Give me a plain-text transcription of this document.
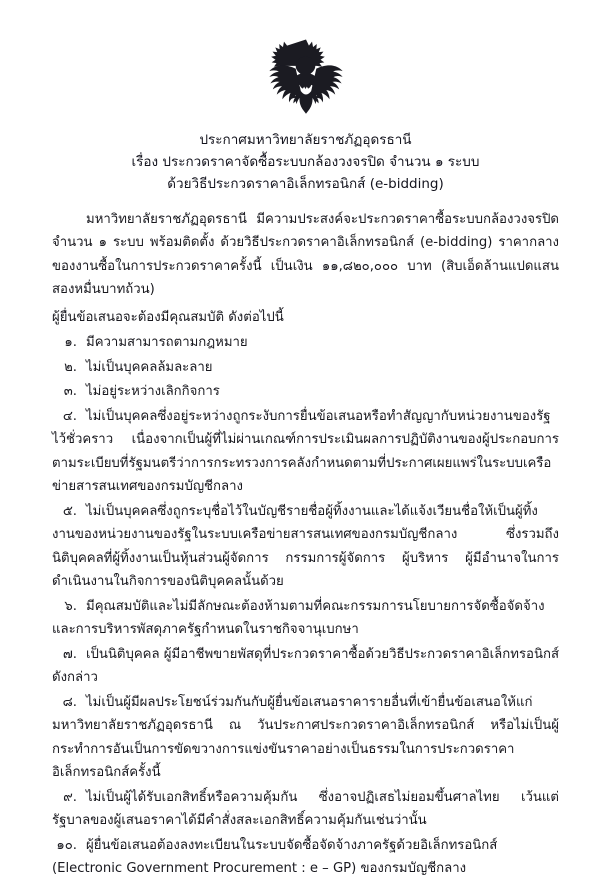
ประกาศมหาวิทยาลัยราชภัฏอุดรธานี
เรื่อง ประกวดราคาจัดซื้อระบบกล้องวงจรปิด จำนวน ๑ ระบบ
ด้วยวิธีประกวดราคาอิเล็กทรอนิกส์ (e-bidding)

มหาวิทยาลัยราชภัฏอุดรธานี มีความประสงค์จะประกวดราคาซื้อระบบกล้องวงจรปิด จำนวน ๑ ระบบ พร้อมติดตั้ง ด้วยวิธีประกวดราคาอิเล็กทรอนิกส์ (e-bidding) ราคากลางของงานซื้อในการประกวดราคาครั้งนี้ เป็นเงิน ๑๑,๘๒๐,๐๐๐ บาท (สิบเอ็ดล้านแปดแสนสองหมื่นบาทถ้วน)

ผู้ยื่นข้อเสนอจะต้องมีคุณสมบัติ ดังต่อไปนี้

๑. มีความสามารถตามกฎหมาย
๒. ไม่เป็นบุคคลล้มละลาย
๓. ไม่อยู่ระหว่างเลิกกิจการ
๔. ไม่เป็นบุคคลซึ่งอยู่ระหว่างถูกระงับการยื่นข้อเสนอหรือทำสัญญากับหน่วยงานของรัฐไว้ชั่วคราว เนื่องจากเป็นผู้ที่ไม่ผ่านเกณฑ์การประเมินผลการปฏิบัติงานของผู้ประกอบการตามระเบียบที่รัฐมนตรีว่าการกระทรวงการคลังกำหนดตามที่ประกาศเผยแพร่ในระบบเครือข่ายสารสนเทศของกรมบัญชีกลาง
๕. ไม่เป็นบุคคลซึ่งถูกระบุชื่อไว้ในบัญชีรายชื่อผู้ทิ้งงานและได้แจ้งเวียนชื่อให้เป็นผู้ทิ้งงานของหน่วยงานของรัฐในระบบเครือข่ายสารสนเทศของกรมบัญชีกลาง ซึ่งรวมถึงนิติบุคคลที่ผู้ทิ้งงานเป็นหุ้นส่วนผู้จัดการ กรรมการผู้จัดการ ผู้บริหาร ผู้มีอำนาจในการดำเนินงานในกิจการของนิติบุคคลนั้นด้วย
๖. มีคุณสมบัติและไม่มีลักษณะต้องห้ามตามที่คณะกรรมการนโยบายการจัดซื้อจัดจ้างและการบริหารพัสดุภาครัฐกำหนดในราชกิจจานุเบกษา
๗. เป็นนิติบุคคล ผู้มีอาชีพขายพัสดุที่ประกวดราคาซื้อด้วยวิธีประกวดราคาอิเล็กทรอนิกส์ดังกล่าว
๘. ไม่เป็นผู้มีผลประโยชน์ร่วมกันกับผู้ยื่นข้อเสนอราคารายอื่นที่เข้ายื่นข้อเสนอให้แก่มหาวิทยาลัยราชภัฏอุดรธานี ณ วันประกาศประกวดราคาอิเล็กทรอนิกส์ หรือไม่เป็นผู้กระทำการอันเป็นการขัดขวางการแข่งขันราคาอย่างเป็นธรรมในการประกวดราคาอิเล็กทรอนิกส์ครั้งนี้
๙. ไม่เป็นผู้ได้รับเอกสิทธิ์หรือความคุ้มกัน ซึ่งอาจปฏิเสธไม่ยอมขึ้นศาลไทย เว้นแต่รัฐบาลของผู้เสนอราคาได้มีคำสั่งสละเอกสิทธิ์ความคุ้มกันเช่นว่านั้น
๑๐. ผู้ยื่นข้อเสนอต้องลงทะเบียนในระบบจัดซื้อจัดจ้างภาครัฐด้วยอิเล็กทรอนิกส์ (Electronic Government Procurement : e – GP) ของกรมบัญชีกลาง
